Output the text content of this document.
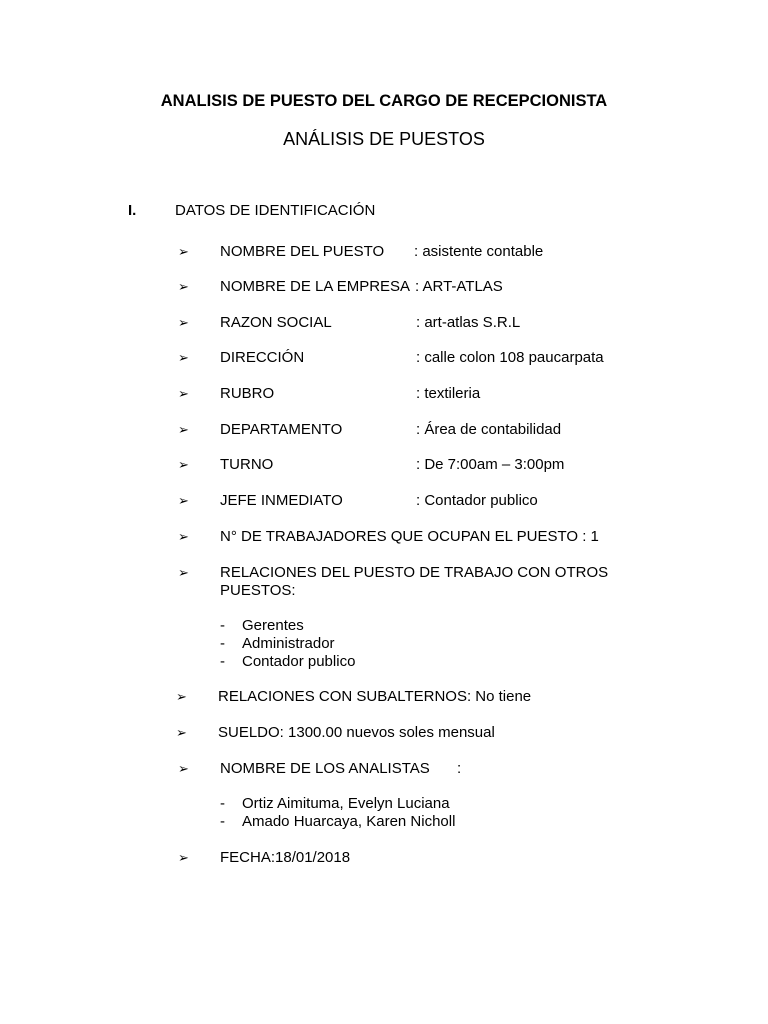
ANALISIS DE PUESTO DEL CARGO DE RECEPCIONISTA
ANÁLISIS DE PUESTOS
I.	DATOS DE IDENTIFICACIÓN
➢ NOMBRE DEL PUESTO : asistente contable
➢ NOMBRE DE LA EMPRESA : ART-ATLAS
➢ RAZON SOCIAL	: art-atlas S.R.L
➢ DIRECCIÓN	: calle colon 108 paucarpata
➢ RUBRO	: textileria
➢ DEPARTAMENTO	: Área de contabilidad
➢ TURNO	: De 7:00am – 3:00pm
➢ JEFE INMEDIATO	: Contador publico
➢ N° DE TRABAJADORES QUE OCUPAN EL PUESTO : 1
➢ RELACIONES DEL PUESTO DE TRABAJO CON OTROS
PUESTOS:
- Gerentes
- Administrador
- Contador publico
➢ RELACIONES CON SUBALTERNOS: No tiene
➢ SUELDO: 1300.00 nuevos soles mensual
➢ NOMBRE DE LOS ANALISTAS :
- Ortiz Aimituma, Evelyn Luciana
- Amado Huarcaya, Karen Nicholl
➢ FECHA:18/01/2018
